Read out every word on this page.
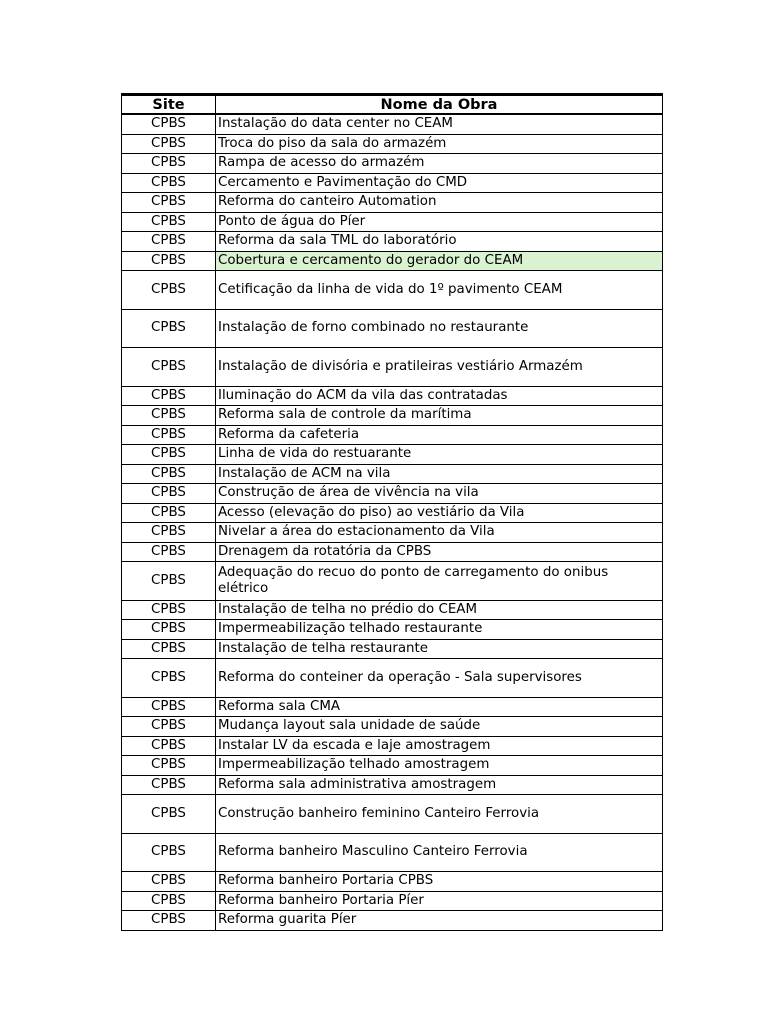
Site	Nome da Obra
CPBS	Instalação do data center no CEAM
CPBS	Troca do piso da sala do armazém
CPBS	Rampa de acesso do armazém
CPBS	Cercamento e Pavimentação do CMD
CPBS	Reforma do canteiro Automation
CPBS	Ponto de água do Píer
CPBS	Reforma da sala TML do laboratório
CPBS	Cobertura e cercamento do gerador do CEAM
CPBS	Cetificação da linha de vida do 1º pavimento CEAM
CPBS	Instalação de forno combinado no restaurante
CPBS	Instalação de divisória e pratileiras vestiário Armazém
CPBS	Iluminação do ACM da vila das contratadas
CPBS	Reforma sala de controle da marítima
CPBS	Reforma da cafeteria
CPBS	Linha de vida do restuarante
CPBS	Instalação de ACM na vila
CPBS	Construção de área de vivência na vila
CPBS	Acesso (elevação do piso) ao vestiário da Vila
CPBS	Nivelar a área do estacionamento da Vila
CPBS	Drenagem da rotatória da CPBS
CPBS	Adequação do recuo do ponto de carregamento do onibus elétrico
CPBS	Instalação de telha no prédio do CEAM
CPBS	Impermeabilização telhado restaurante
CPBS	Instalação de telha restaurante
CPBS	Reforma do conteiner da operação - Sala supervisores
CPBS	Reforma sala CMA
CPBS	Mudança layout sala unidade de saúde
CPBS	Instalar LV da escada e laje amostragem
CPBS	Impermeabilização telhado amostragem
CPBS	Reforma sala administrativa amostragem
CPBS	Construção banheiro feminino Canteiro Ferrovia
CPBS	Reforma banheiro Masculino Canteiro Ferrovia
CPBS	Reforma banheiro Portaria CPBS
CPBS	Reforma banheiro Portaria Píer
CPBS	Reforma guarita Píer
